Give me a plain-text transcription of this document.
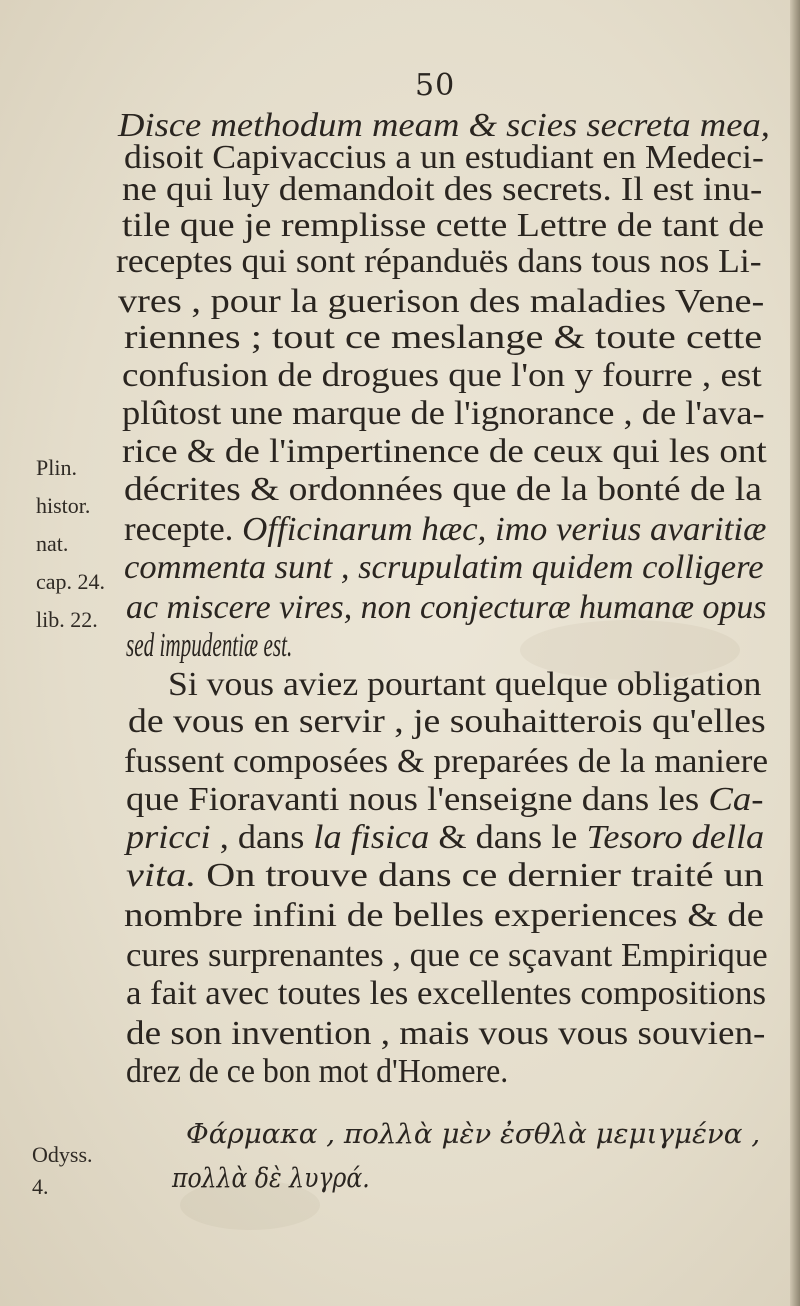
50
Disce methodum meam & scies secreta mea,
disoit Capivaccius a un estudiant en Medeci-
ne qui luy demandoit des secrets. Il est inu-
tile que je remplisse cette Lettre de tant de
receptes qui sont répanduës dans tous nos Li-
vres , pour la guerison des maladies Vene-
riennes ; tout ce meslange & toute cette
confusion de drogues que l'on y fourre , est
plûtost une marque de l'ignorance , de l'ava-
rice & de l'impertinence de ceux qui les ont
décrites & ordonnées que de la bonté de la
recepte. Officinarum hæc, imo verius avaritiæ
commenta sunt , scrupulatim quidem colligere
ac miscere vires, non conjecturæ humanæ opus
sed impudentiæ est.
Si vous aviez pourtant quelque obligation
de vous en servir , je souhaitterois qu'elles
fussent composées & preparées de la maniere
que Fioravanti nous l'enseigne dans les Ca-
pricci , dans la fisica & dans le Tesoro della
vita. On trouve dans ce dernier traité un
nombre infini de belles experiences & de
cures surprenantes , que ce sçavant Empirique
a fait avec toutes les excellentes compositions
de son invention , mais vous vous souvien-
drez de ce bon mot d'Homere.
Plin.
histor.
nat.
cap. 24.
lib. 22.
Odyss.
4.
Φάρμακα , πολλὰ μὲν ἐσθλὰ μεμιγμένα ,
πολλὰ δὲ λυγρά.
